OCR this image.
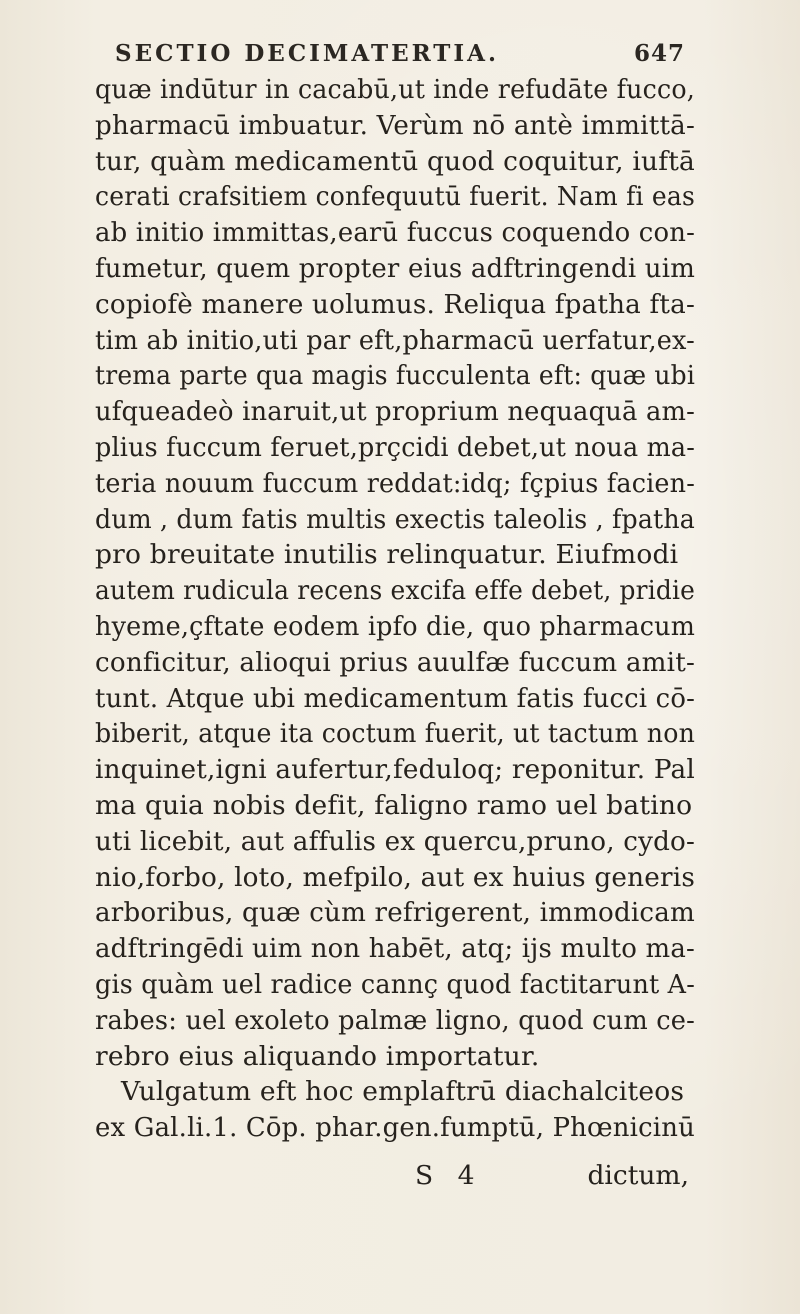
SECTIO DECIMATERTIA.	647
quæ indūtur in cacabū,ut inde refudāte fucco,
pharmacū imbuatur. Verùm nō antè immittā-
tur, quàm medicamentū quod coquitur, iuftā
cerati crafsitiem confequutū fuerit. Nam fi eas
ab initio immittas,earū fuccus coquendo con-
fumetur, quem propter eius adftringendi uim
copiofè manere uolumus. Reliqua fpatha fta-
tim ab initio,uti par eft,pharmacū uerfatur,ex-
trema parte qua magis fucculenta eft: quæ ubi
ufqueadeò inaruit,ut proprium nequaquā am-
plius fuccum feruet,prçcidi debet,ut noua ma-
teria nouum fuccum reddat:idq; fçpius facien-
dum , dum fatis multis exectis taleolis , fpatha
pro breuitate inutilis relinquatur. Eiufmodi
autem rudicula recens excifa effe debet, pridie
hyeme,çftate eodem ipfo die, quo pharmacum
conficitur, alioqui prius auulfæ fuccum amit-
tunt. Atque ubi medicamentum fatis fucci cō-
biberit, atque ita coctum fuerit, ut tactum non
inquinet,igni aufertur,feduloq; reponitur. Pal
ma quia nobis defit, faligno ramo uel batino
uti licebit, aut affulis ex quercu,pruno, cydo-
nio,forbo, loto, mefpilo, aut ex huius generis
arboribus, quæ cùm refrigerent, immodicam
adftringēdi uim non habēt, atq; ijs multo ma-
gis quàm uel radice cannç quod factitarunt A-
rabes: uel exoleto palmæ ligno, quod cum ce-
rebro eius aliquando importatur.
Vulgatum eft hoc emplaftrū diachalciteos
ex Gal.li.1. Cōp. phar.gen.fumptū, Phœnicinū
S 4	dictum,
